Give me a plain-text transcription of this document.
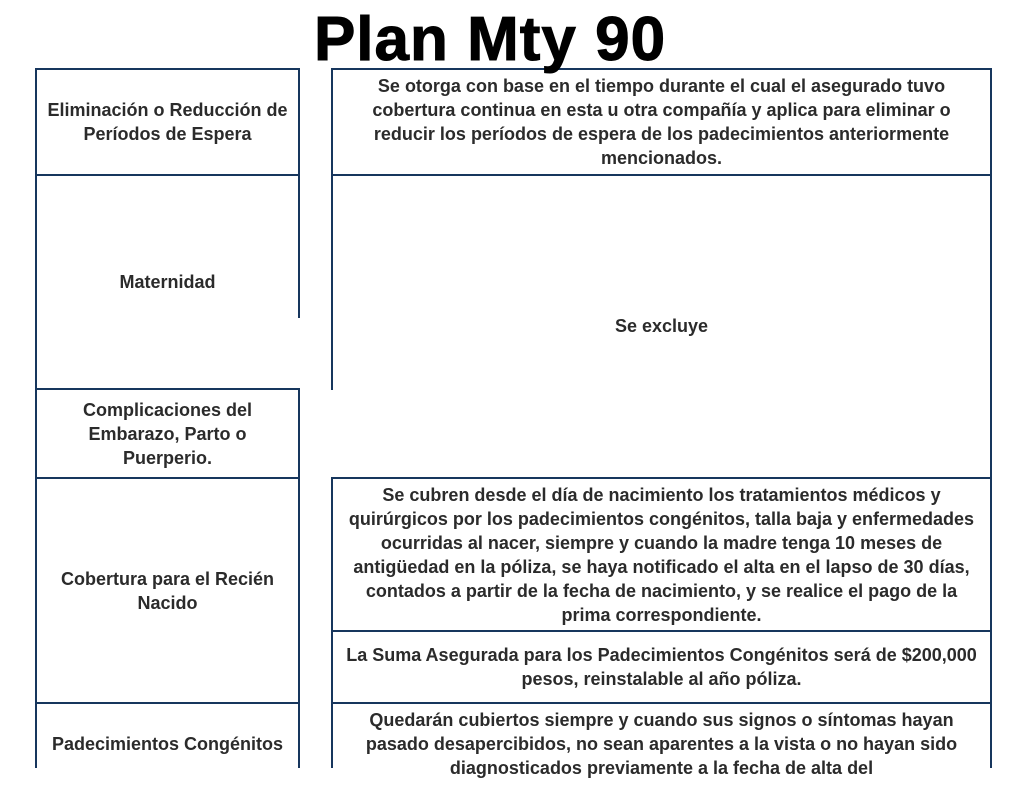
Plan Mty 90
Eliminación o Reducción de Períodos de Espera
Maternidad
Complicaciones del Embarazo, Parto o Puerperio.
Cobertura para el Recién Nacido
Padecimientos Congénitos
Se otorga con base en el tiempo durante el cual el asegurado tuvo cobertura continua en esta u otra compañía y aplica para eliminar o reducir los períodos de espera de los padecimientos anteriormente mencionados.
Se excluye
Se cubren desde el día de nacimiento los tratamientos médicos y quirúrgicos por los padecimientos congénitos, talla baja y enfermedades ocurridas al nacer, siempre y cuando la madre tenga 10 meses de antigüedad en la póliza, se haya notificado el alta en el lapso de 30 días, contados a partir de la fecha de nacimiento, y se realice el pago de la prima correspondiente.
La Suma Asegurada para los Padecimientos Congénitos será de $200,000 pesos, reinstalable al año póliza.
Quedarán cubiertos siempre y cuando sus signos o síntomas hayan pasado desapercibidos, no sean aparentes a la vista o no hayan sido diagnosticados previamente a la fecha de alta del
